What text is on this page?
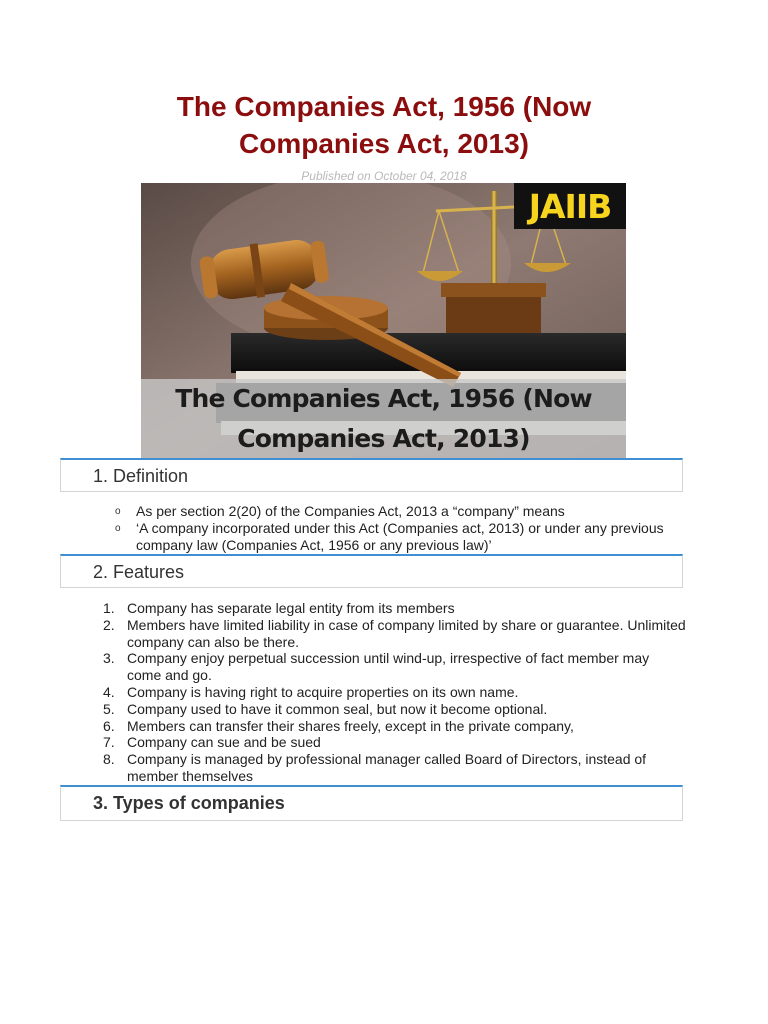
The Companies Act, 1956 (Now Companies Act, 2013)
Published on October 04, 2018
JAIIB
The Companies Act, 1956 (Now
Companies Act, 2013)
1. Definition
o As per section 2(20) of the Companies Act, 2013 a “company” means
o ‘A company incorporated under this Act (Companies act, 2013) or under any previous company law (Companies Act, 1956 or any previous law)’
2. Features
1. Company has separate legal entity from its members
2. Members have limited liability in case of company limited by share or guarantee. Unlimited company can also be there.
3. Company enjoy perpetual succession until wind-up, irrespective of fact member may come and go.
4. Company is having right to acquire properties on its own name.
5. Company used to have it common seal, but now it become optional.
6. Members can transfer their shares freely, except in the private company,
7. Company can sue and be sued
8. Company is managed by professional manager called Board of Directors, instead of member themselves
3. Types of companies
